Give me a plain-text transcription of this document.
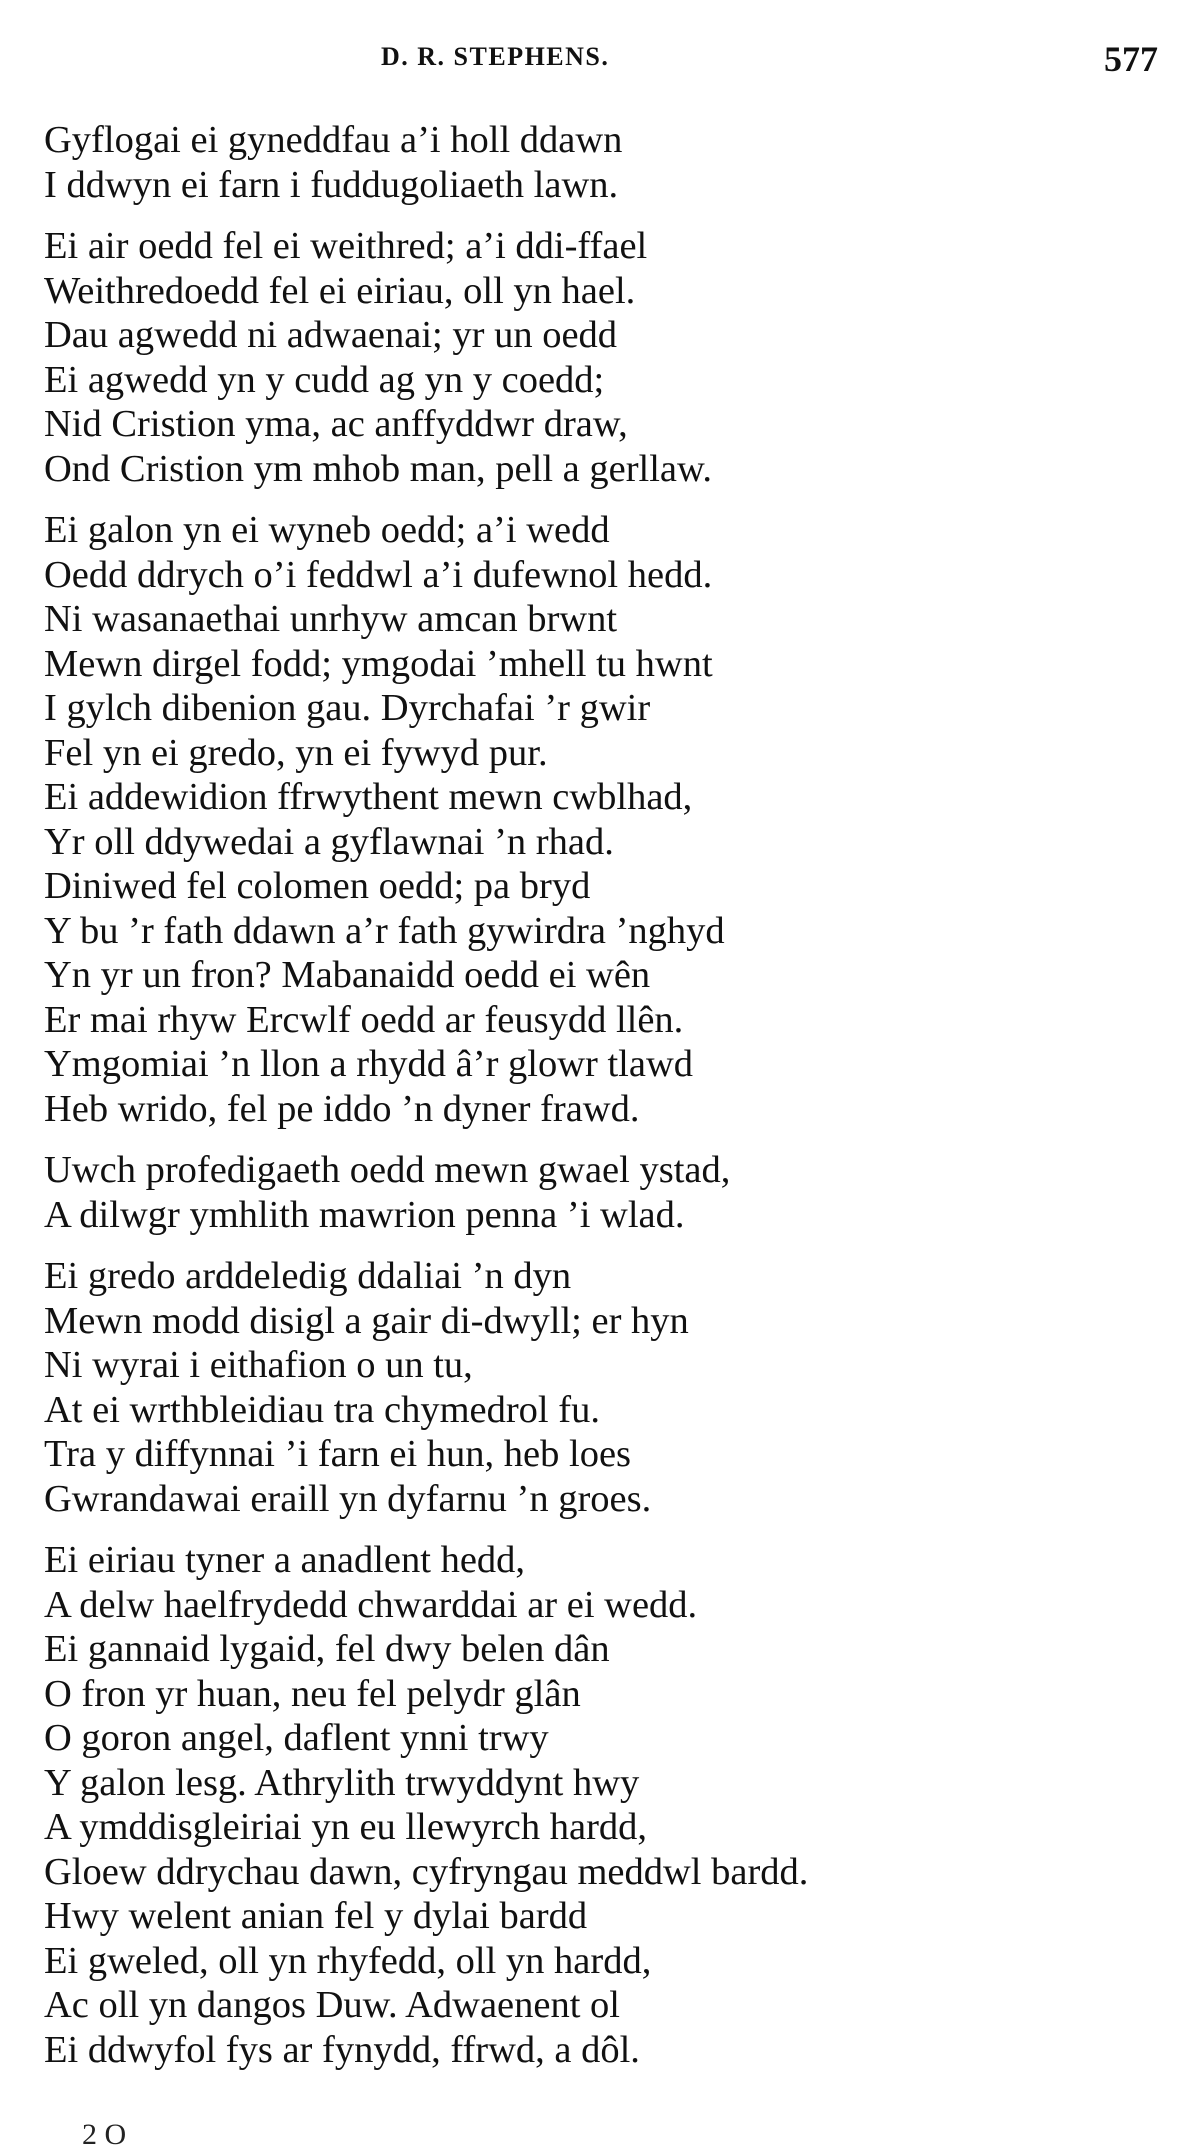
D. R. STEPHENS.	577
Gyflogai ei gyneddfau a’i holl ddawn
I ddwyn ei farn i fuddugoliaeth lawn.
Ei air oedd fel ei weithred; a’i ddi-ffael
Weithredoedd fel ei eiriau, oll yn hael.
Dau agwedd ni adwaenai; yr un oedd
Ei agwedd yn y cudd ag yn y coedd;
Nid Cristion yma, ac anffyddwr draw,
Ond Cristion ym mhob man, pell a gerllaw.
Ei galon yn ei wyneb oedd; a’i wedd
Oedd ddrych o’i feddwl a’i dufewnol hedd.
Ni wasanaethai unrhyw amcan brwnt
Mewn dirgel fodd; ymgodai ’mhell tu hwnt
I gylch dibenion gau. Dyrchafai ’r gwir
Fel yn ei gredo, yn ei fywyd pur.
Ei addewidion ffrwythent mewn cwblhad,
Yr oll ddywedai a gyflawnai ’n rhad.
Diniwed fel colomen oedd; pa bryd
Y bu ’r fath ddawn a’r fath gywirdra ’nghyd
Yn yr un fron? Mabanaidd oedd ei wên
Er mai rhyw Ercwlf oedd ar feusydd llên.
Ymgomiai ’n llon a rhydd â’r glowr tlawd
Heb wrido, fel pe iddo ’n dyner frawd.
Uwch profedigaeth oedd mewn gwael ystad,
A dilwgr ymhlith mawrion penna ’i wlad.
Ei gredo arddeledig ddaliai ’n dyn
Mewn modd disigl a gair di-dwyll; er hyn
Ni wyrai i eithafion o un tu,
At ei wrthbleidiau tra chymedrol fu.
Tra y diffynnai ’i farn ei hun, heb loes
Gwrandawai eraill yn dyfarnu ’n groes.
Ei eiriau tyner a anadlent hedd,
A delw haelfrydedd chwarddai ar ei wedd.
Ei gannaid lygaid, fel dwy belen dân
O fron yr huan, neu fel pelydr glân
O goron angel, daflent ynni trwy
Y galon lesg. Athrylith trwyddynt hwy
A ymddisgleiriai yn eu llewyrch hardd,
Gloew ddrychau dawn, cyfryngau meddwl bardd.
Hwy welent anian fel y dylai bardd
Ei gweled, oll yn rhyfedd, oll yn hardd,
Ac oll yn dangos Duw. Adwaenent ol
Ei ddwyfol fys ar fynydd, ffrwd, a dôl.
2 O
